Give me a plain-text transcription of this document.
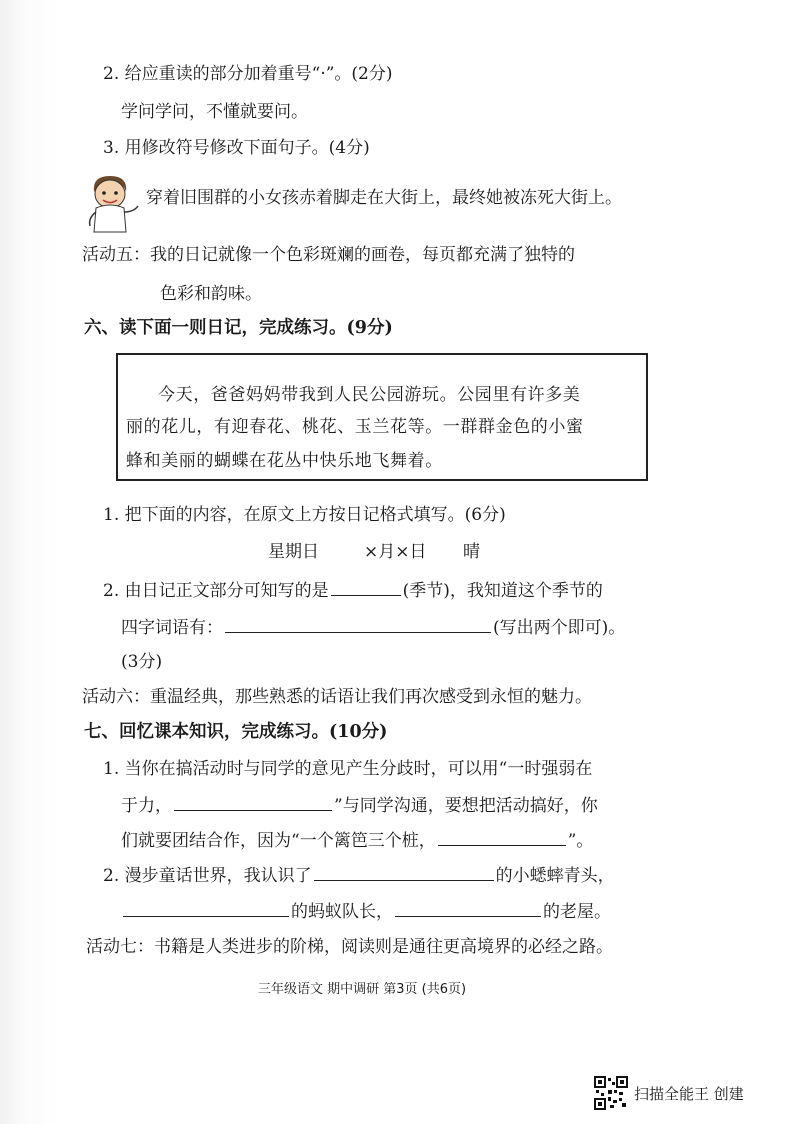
2. 给应重读的部分加着重号“·”。(2分)
学问学问，不懂就要问。
3. 用修改符号修改下面句子。(4分)
穿着旧围群的小女孩赤着脚走在大街上，最终她被冻死大街上。
活动五：我的日记就像一个色彩斑斓的画卷，每页都充满了独特的
色彩和韵味。
六、读下面一则日记，完成练习。(9分)
今天，爸爸妈妈带我到人民公园游玩。公园里有许多美
丽的花儿，有迎春花、桃花、玉兰花等。一群群金色的小蜜
蜂和美丽的蝴蝶在花丛中快乐地飞舞着。
1. 把下面的内容，在原文上方按日记格式填写。(6分)
星期日	×月×日 晴
2. 由日记正文部分可知写的是	(季节)，我知道这个季节的
四字词语有：	(写出两个即可)。
(3分)
活动六：重温经典，那些熟悉的话语让我们再次感受到永恒的魅力。
七、回忆课本知识，完成练习。(10分)
1. 当你在搞活动时与同学的意见产生分歧时，可以用“一时强弱在
于力，	”与同学沟通，要想把活动搞好，你
们就要团结合作，因为“一个篱笆三个桩，	”。
2. 漫步童话世界，我认识了	的小蟋蟀青头，
的蚂蚁队长，	的老屋。
活动七：书籍是人类进步的阶梯，阅读则是通往更高境界的必经之路。
三年级语文 期中调研 第3页 (共6页)
扫描全能王 创建
